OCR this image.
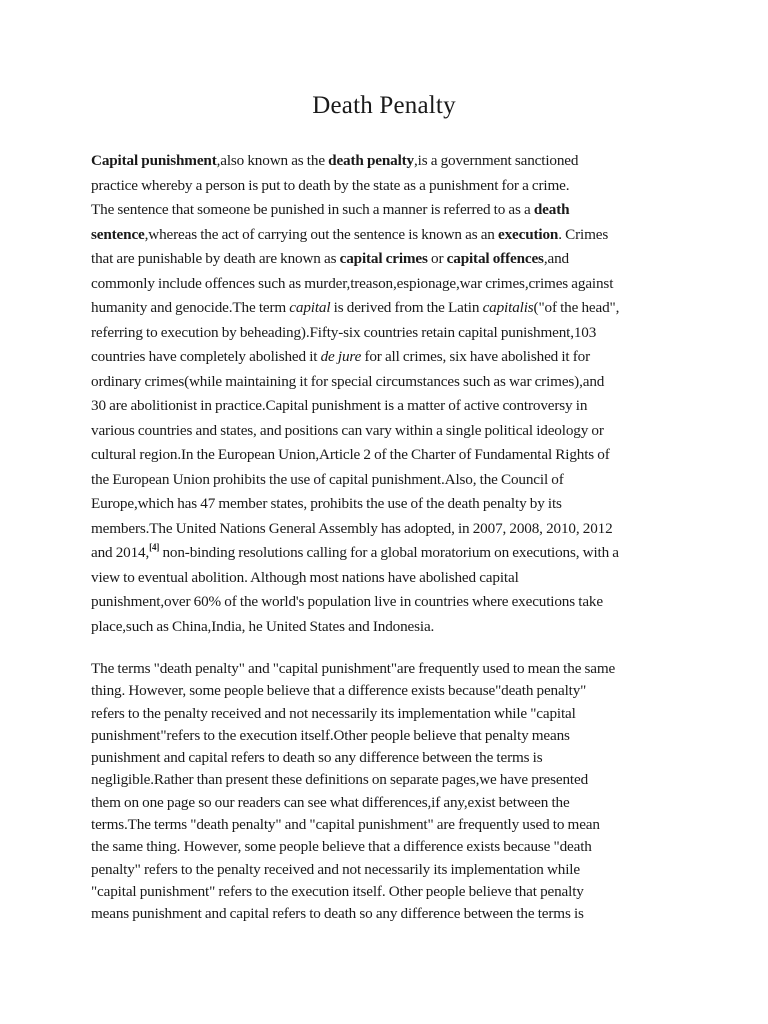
Death Penalty
Capital punishment,also known as the death penalty,is a government sanctioned
practice whereby a person is put to death by the state as a punishment for a crime.
The sentence that someone be punished in such a manner is referred to as a death
sentence,whereas the act of carrying out the sentence is known as an execution. Crimes
that are punishable by death are known as capital crimes or capital offences,and
commonly include offences such as murder,treason,espionage,war crimes,crimes against
humanity and genocide.The term capital is derived from the Latin capitalis("of the head",
referring to execution by beheading).Fifty-six countries retain capital punishment,103
countries have completely abolished it de jure for all crimes, six have abolished it for
ordinary crimes(while maintaining it for special circumstances such as war crimes),and
30 are abolitionist in practice.Capital punishment is a matter of active controversy in
various countries and states, and positions can vary within a single political ideology or
cultural region.In the European Union,Article 2 of the Charter of Fundamental Rights of
the European Union prohibits the use of capital punishment.Also, the Council of
Europe,which has 47 member states, prohibits the use of the death penalty by its
members.The United Nations General Assembly has adopted, in 2007, 2008, 2010, 2012
and 2014,[4] non-binding resolutions calling for a global moratorium on executions, with a
view to eventual abolition. Although most nations have abolished capital
punishment,over 60% of the world's population live in countries where executions take
place,such as China,India, he United States and Indonesia.
The terms "death penalty" and "capital punishment"are frequently used to mean the same
thing. However, some people believe that a difference exists because"death penalty"
refers to the penalty received and not necessarily its implementation while "capital
punishment"refers to the execution itself.Other people believe that penalty means
punishment and capital refers to death so any difference between the terms is
negligible.Rather than present these definitions on separate pages,we have presented
them on one page so our readers can see what differences,if any,exist between the
terms.The terms "death penalty" and "capital punishment" are frequently used to mean
the same thing. However, some people believe that a difference exists because "death
penalty" refers to the penalty received and not necessarily its implementation while
"capital punishment" refers to the execution itself. Other people believe that penalty
means punishment and capital refers to death so any difference between the terms is
